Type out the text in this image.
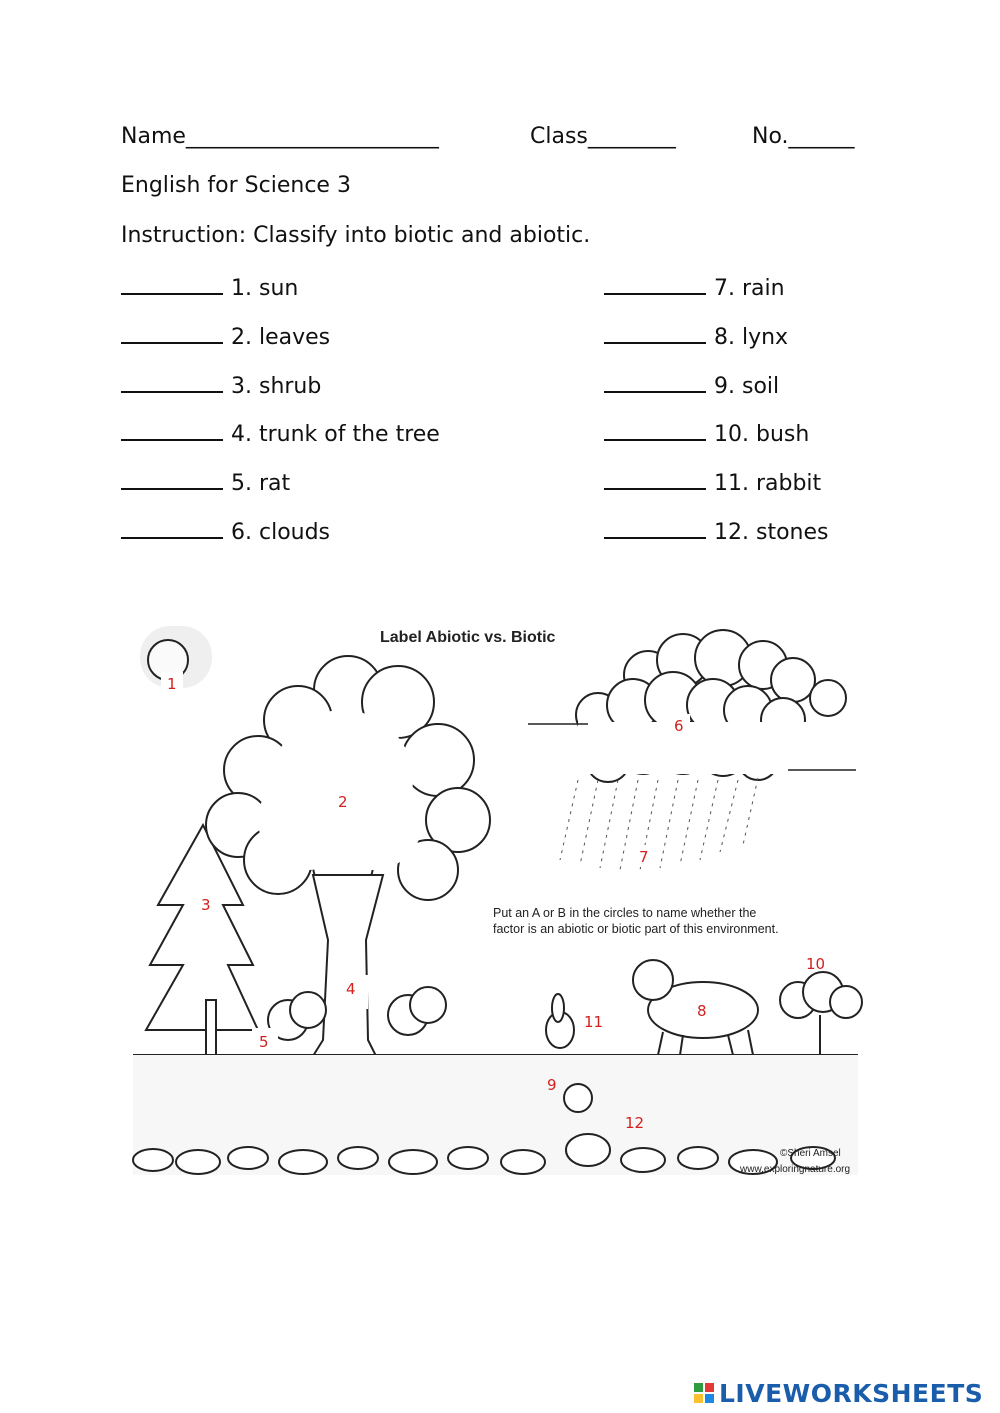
Name_______________________	Class________	No.______
English for Science 3
Instruction: Classify into biotic and abiotic.
1. sun
2. leaves
3. shrub
4. trunk of the tree
5. rat
6. clouds
7. rain
8. lynx
9. soil
10. bush
11. rabbit
12. stones
Label Abiotic vs. Biotic
Put an A or B in the circles to name whether the
factor is an abiotic or biotic part of this environment.
©Sheri Amsel
www.exploringnature.org
1
2
3
4
5
6
7
8
9
10
11
12
LIVEWORKSHEETS
